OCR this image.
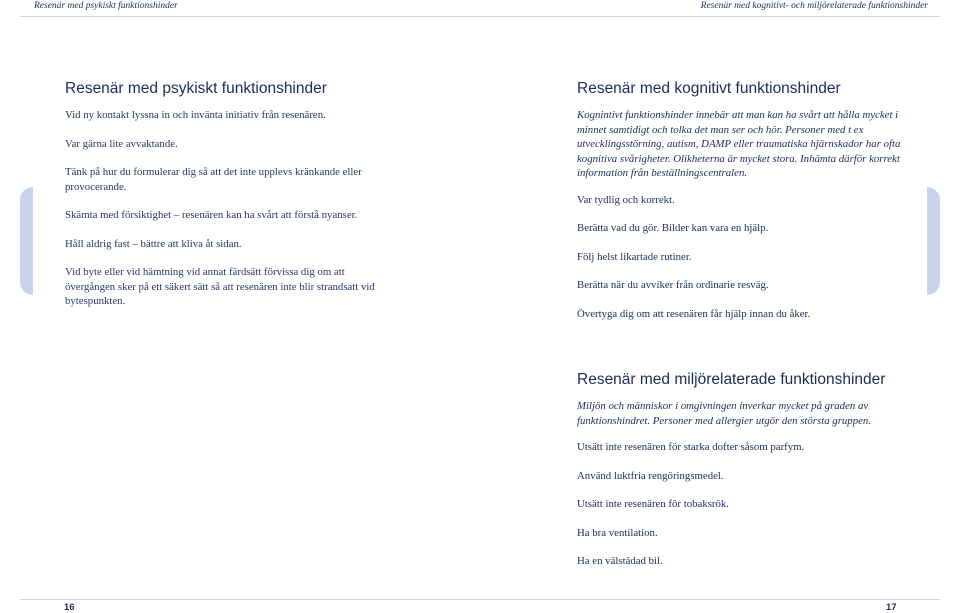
Resenär med psykiskt funktionshinder	Resenär med kognitivt- och miljörelaterade funktionshinder
Resenär med psykiskt funktionshinder

Vid ny kontakt lyssna in och invänta initiativ från resenären.

Var gärna lite avvaktande.

Tänk på hur du formulerar dig så att det inte upplevs kränkande eller provocerande.

Skämta med försiktighet – resenären kan ha svårt att förstå nyanser.

Håll aldrig fast – bättre att kliva åt sidan.

Vid byte eller vid hämtning vid annat färdsätt förvissa dig om att övergången sker på ett säkert sätt så att resenären inte blir strandsatt vid bytespunkten.

Resenär med kognitivt funktionshinder

Kognintivt funktionshinder innebär att man kan ha svårt att hålla mycket i minnet samtidigt och tolka det man ser och hör. Personer med t ex utvecklingsstörning, autism, DAMP eller traumatiska hjärnskador har ofta kognitiva svårigheter. Olikheterna är mycket stora. Inhämta därför korrekt information från beställningscentralen.

Var tydlig och korrekt.

Berätta vad du gör. Bilder kan vara en hjälp.

Följ helst likartade rutiner.

Berätta när du avviker från ordinarie resväg.

Övertyga dig om att resenären får hjälp innan du åker.

Resenär med miljörelaterade funktionshinder

Miljön och människor i omgivningen inverkar mycket på graden av funktionshindret. Personer med allergier utgör den största gruppen.

Utsätt inte resenären för starka dofter såsom parfym.

Använd luktfria rengöringsmedel.

Utsätt inte resenären för tobaksrök.

Ha bra ventilation.

Ha en välstädad bil.

16	17
